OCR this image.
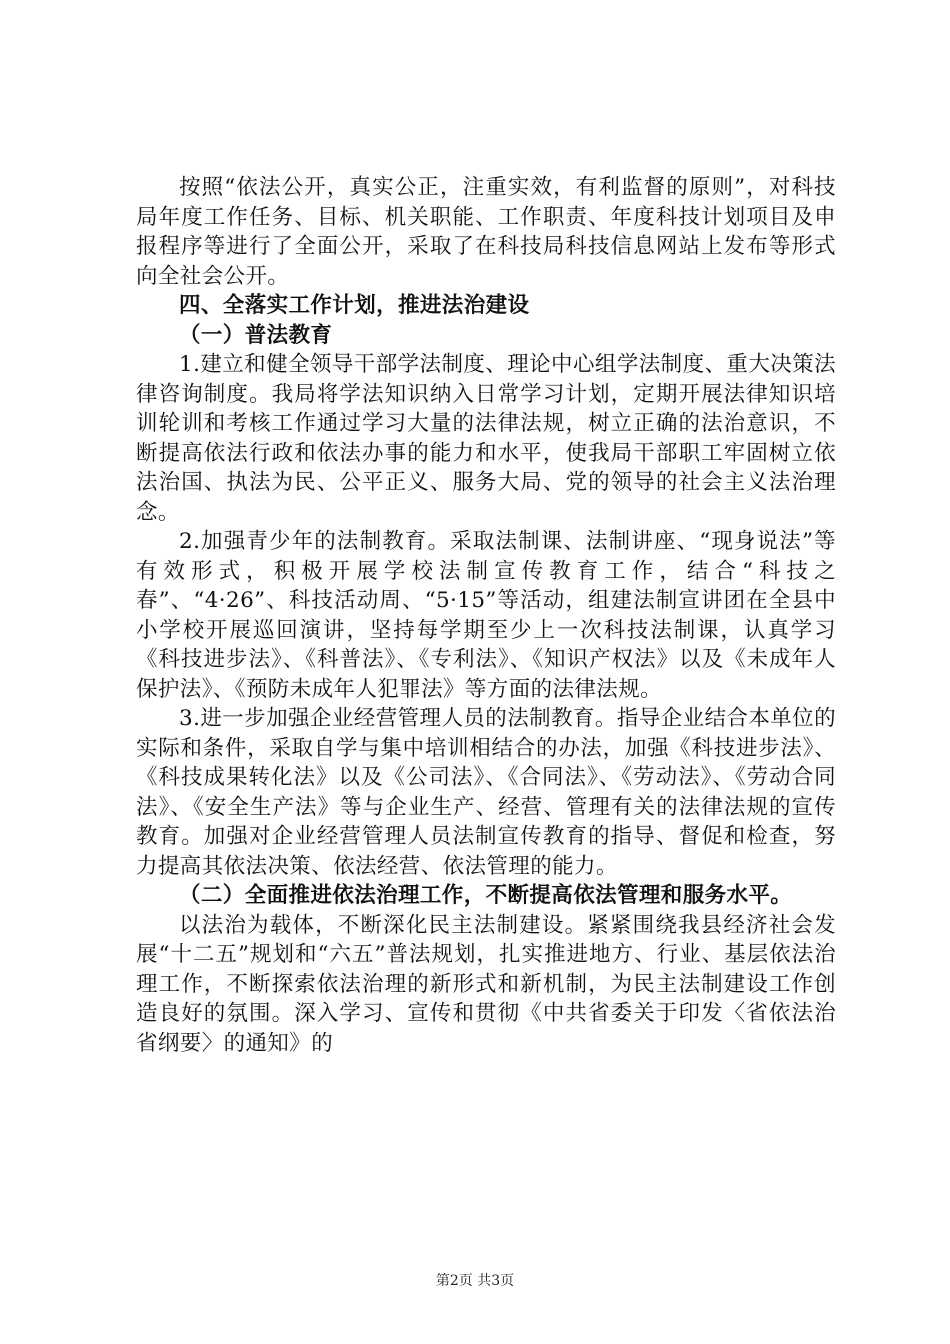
按照“依法公开，真实公正，注重实效，有利监督的原则”，对科技局年度工作任务、目标、机关职能、工作职责、年度科技计划项目及申报程序等进行了全面公开，采取了在科技局科技信息网站上发布等形式向全社会公开。

四、全落实工作计划，推进法治建设

（一）普法教育

1.建立和健全领导干部学法制度、理论中心组学法制度、重大决策法律咨询制度。我局将学法知识纳入日常学习计划，定期开展法律知识培训轮训和考核工作通过学习大量的法律法规，树立正确的法治意识，不断提高依法行政和依法办事的能力和水平，使我局干部职工牢固树立依法治国、执法为民、公平正义、服务大局、党的领导的社会主义法治理念。

2.加强青少年的法制教育。采取法制课、法制讲座、“现身说法”等有效形式，积极开展学校法制宣传教育工作，结合“科技之春”、“4·26”、科技活动周、“5·15”等活动，组建法制宣讲团在全县中小学校开展巡回演讲，坚持每学期至少上一次科技法制课，认真学习《科技进步法》、《科普法》、《专利法》、《知识产权法》以及《未成年人保护法》、《预防未成年人犯罪法》等方面的法律法规。

3.进一步加强企业经营管理人员的法制教育。指导企业结合本单位的实际和条件，采取自学与集中培训相结合的办法，加强《科技进步法》、《科技成果转化法》以及《公司法》、《合同法》、《劳动法》、《劳动合同法》、《安全生产法》等与企业生产、经营、管理有关的法律法规的宣传教育。加强对企业经营管理人员法制宣传教育的指导、督促和检查，努力提高其依法决策、依法经营、依法管理的能力。

（二）全面推进依法治理工作，不断提高依法管理和服务水平。

以法治为载体，不断深化民主法制建设。紧紧围绕我县经济社会发展“十二五”规划和“六五”普法规划，扎实推进地方、行业、基层依法治理工作，不断探索依法治理的新形式和新机制，为民主法制建设工作创造良好的氛围。深入学习、宣传和贯彻《中共省委关于印发〈省依法治省纲要〉的通知》的

第2页 共3页
